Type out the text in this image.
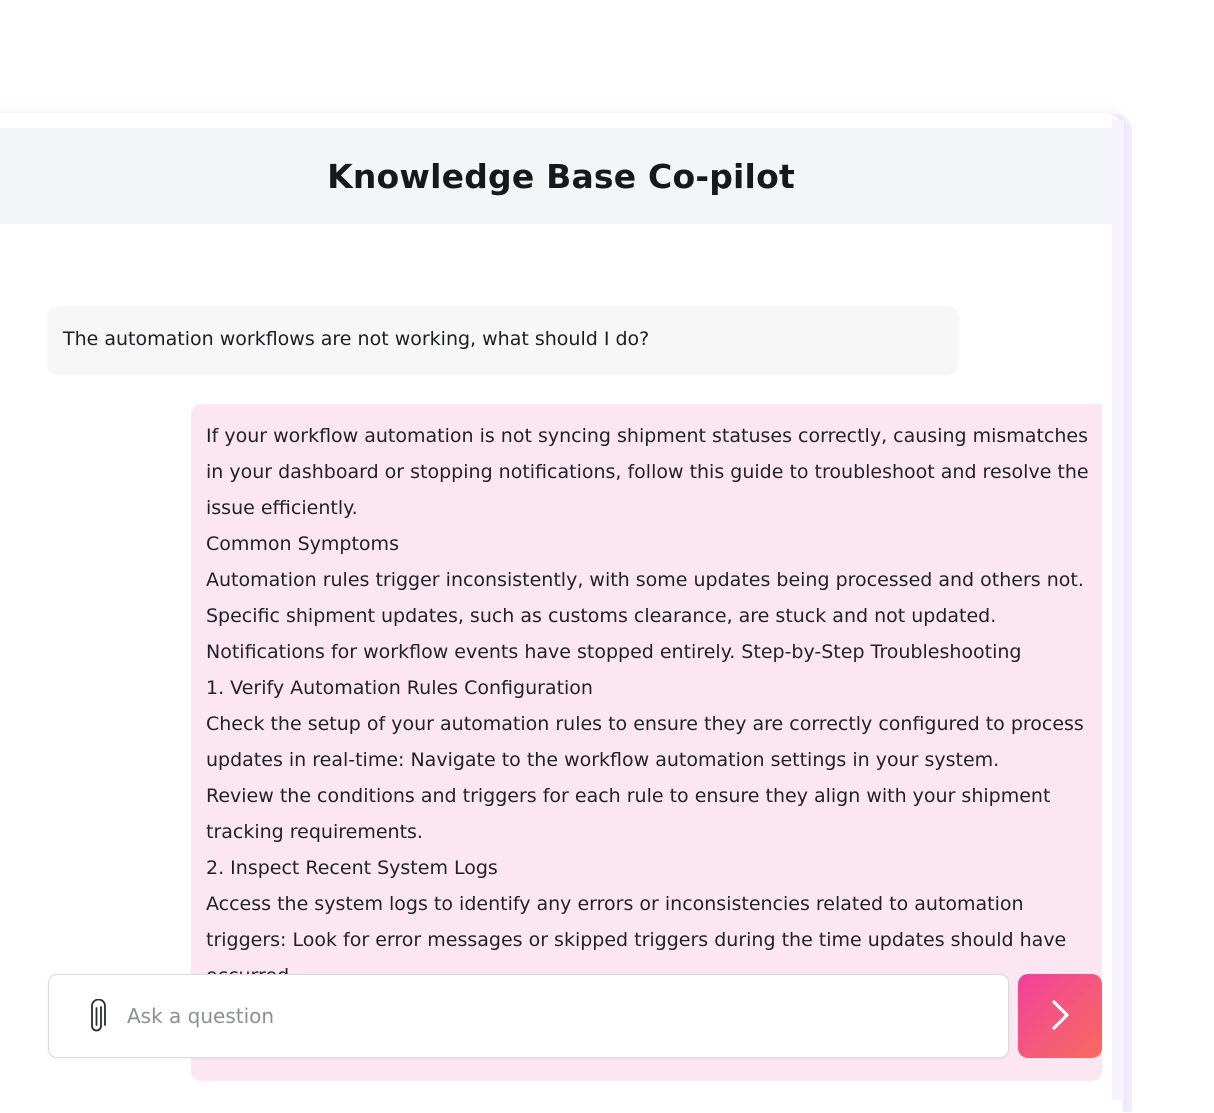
Knowledge Base Co-pilot
The automation workflows are not working, what should I do?
If your workflow automation is not syncing shipment statuses correctly, causing mismatches
in your dashboard or stopping notifications, follow this guide to troubleshoot and resolve the
issue efficiently.
Common Symptoms
Automation rules trigger inconsistently, with some updates being processed and others not.
Specific shipment updates, such as customs clearance, are stuck and not updated.
Notifications for workflow events have stopped entirely. Step-by-Step Troubleshooting
1. Verify Automation Rules Configuration
Check the setup of your automation rules to ensure they are correctly configured to process
updates in real-time: Navigate to the workflow automation settings in your system.
Review the conditions and triggers for each rule to ensure they align with your shipment
tracking requirements.
2. Inspect Recent System Logs
Access the system logs to identify any errors or inconsistencies related to automation
triggers: Look for error messages or skipped triggers during the time updates should have
Ask a question
